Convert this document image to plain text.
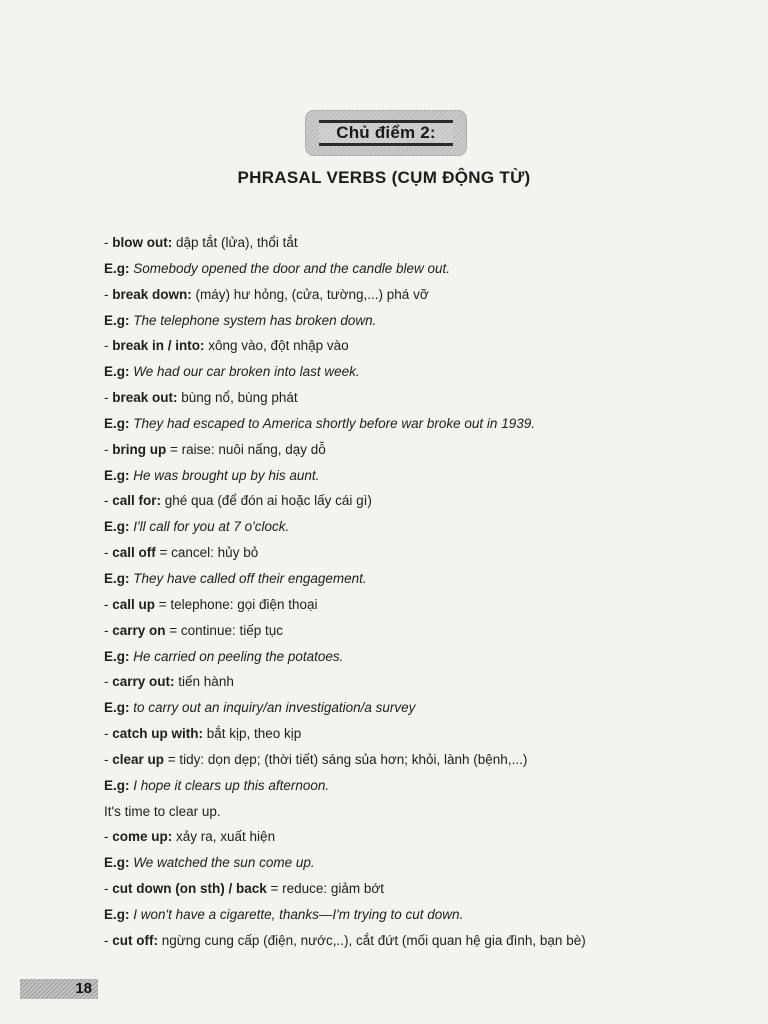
Chủ điểm 2:
PHRASAL VERBS (CỤM ĐỘNG TỪ)
- blow out: dập tắt (lửa), thổi tắt
E.g: Somebody opened the door and the candle blew out.
- break down: (máy) hư hỏng, (cửa, tường,...) phá vỡ
E.g: The telephone system has broken down.
- break in / into: xông vào, đột nhập vào
E.g: We had our car broken into last week.
- break out: bùng nổ, bùng phát
E.g: They had escaped to America shortly before war broke out in 1939.
- bring up = raise: nuôi nấng, dạy dỗ
E.g: He was brought up by his aunt.
- call for: ghé qua (để đón ai hoặc lấy cái gì)
E.g: I'll call for you at 7 o'clock.
- call off = cancel: hủy bỏ
E.g: They have called off their engagement.
- call up = telephone: gọi điện thoại
- carry on = continue: tiếp tục
E.g: He carried on peeling the potatoes.
- carry out: tiến hành
E.g: to carry out an inquiry/an investigation/a survey
- catch up with: bắt kịp, theo kịp
- clear up = tidy: dọn dẹp; (thời tiết) sáng sủa hơn; khỏi, lành (bệnh,...)
E.g: I hope it clears up this afternoon.
It's time to clear up.
- come up: xảy ra, xuất hiện
E.g: We watched the sun come up.
- cut down (on sth) / back = reduce: giảm bớt
E.g: I won't have a cigarette, thanks—I'm trying to cut down.
- cut off: ngừng cung cấp (điện, nước,..), cắt đứt (mối quan hệ gia đình, bạn bè)
18
